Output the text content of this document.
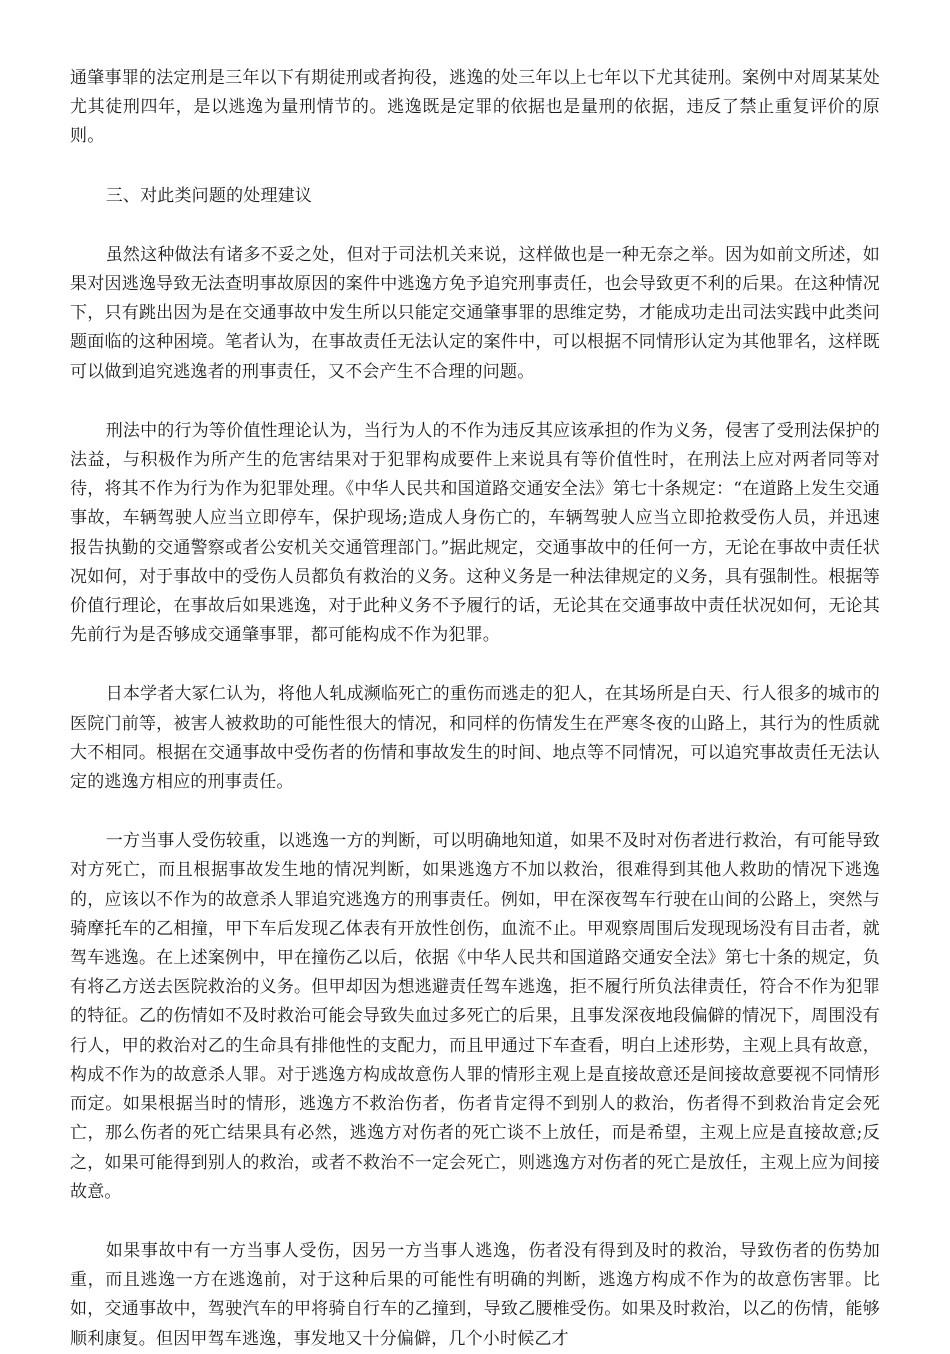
通肇事罪的法定刑是三年以下有期徒刑或者拘役，逃逸的处三年以上七年以下尤其徒刑。案例中对周某某处尤其徒刑四年，是以逃逸为量刑情节的。逃逸既是定罪的依据也是量刑的依据，违反了禁止重复评价的原则。

三、对此类问题的处理建议

虽然这种做法有诸多不妥之处，但对于司法机关来说，这样做也是一种无奈之举。因为如前文所述，如果对因逃逸导致无法查明事故原因的案件中逃逸方免予追究刑事责任，也会导致更不利的后果。在这种情况下，只有跳出因为是在交通事故中发生所以只能定交通肇事罪的思维定势，才能成功走出司法实践中此类问题面临的这种困境。笔者认为，在事故责任无法认定的案件中，可以根据不同情形认定为其他罪名，这样既可以做到追究逃逸者的刑事责任，又不会产生不合理的问题。

刑法中的行为等价值性理论认为，当行为人的不作为违反其应该承担的作为义务，侵害了受刑法保护的法益，与积极作为所产生的危害结果对于犯罪构成要件上来说具有等价值性时，在刑法上应对两者同等对待，将其不作为行为作为犯罪处理。《中华人民共和国道路交通安全法》第七十条规定：“在道路上发生交通事故，车辆驾驶人应当立即停车，保护现场;造成人身伤亡的，车辆驾驶人应当立即抢救受伤人员，并迅速报告执勤的交通警察或者公安机关交通管理部门。”据此规定，交通事故中的任何一方，无论在事故中责任状况如何，对于事故中的受伤人员都负有救治的义务。这种义务是一种法律规定的义务，具有强制性。根据等价值行理论，在事故后如果逃逸，对于此种义务不予履行的话，无论其在交通事故中责任状况如何，无论其先前行为是否够成交通肇事罪，都可能构成不作为犯罪。

日本学者大冢仁认为，将他人轧成濒临死亡的重伤而逃走的犯人，在其场所是白天、行人很多的城市的医院门前等，被害人被救助的可能性很大的情况，和同样的伤情发生在严寒冬夜的山路上，其行为的性质就大不相同。根据在交通事故中受伤者的伤情和事故发生的时间、地点等不同情况，可以追究事故责任无法认定的逃逸方相应的刑事责任。

一方当事人受伤较重，以逃逸一方的判断，可以明确地知道，如果不及时对伤者进行救治，有可能导致对方死亡，而且根据事故发生地的情况判断，如果逃逸方不加以救治，很难得到其他人救助的情况下逃逸的，应该以不作为的故意杀人罪追究逃逸方的刑事责任。例如，甲在深夜驾车行驶在山间的公路上，突然与骑摩托车的乙相撞，甲下车后发现乙体表有开放性创伤，血流不止。甲观察周围后发现现场没有目击者，就驾车逃逸。在上述案例中，甲在撞伤乙以后，依据《中华人民共和国道路交通安全法》第七十条的规定，负有将乙方送去医院救治的义务。但甲却因为想逃避责任驾车逃逸，拒不履行所负法律责任，符合不作为犯罪的特征。乙的伤情如不及时救治可能会导致失血过多死亡的后果，且事发深夜地段偏僻的情况下，周围没有行人，甲的救治对乙的生命具有排他性的支配力，而且甲通过下车查看，明白上述形势，主观上具有故意，构成不作为的故意杀人罪。对于逃逸方构成故意伤人罪的情形主观上是直接故意还是间接故意要视不同情形而定。如果根据当时的情形，逃逸方不救治伤者，伤者肯定得不到别人的救治，伤者得不到救治肯定会死亡，那么伤者的死亡结果具有必然，逃逸方对伤者的死亡谈不上放任，而是希望，主观上应是直接故意;反之，如果可能得到别人的救治，或者不救治不一定会死亡，则逃逸方对伤者的死亡是放任，主观上应为间接故意。

如果事故中有一方当事人受伤，因另一方当事人逃逸，伤者没有得到及时的救治，导致伤者的伤势加重，而且逃逸一方在逃逸前，对于这种后果的可能性有明确的判断，逃逸方构成不作为的故意伤害罪。比如，交通事故中，驾驶汽车的甲将骑自行车的乙撞到，导致乙腰椎受伤。如果及时救治，以乙的伤情，能够顺利康复。但因甲驾车逃逸，事发地又十分偏僻，几个小时候乙才
